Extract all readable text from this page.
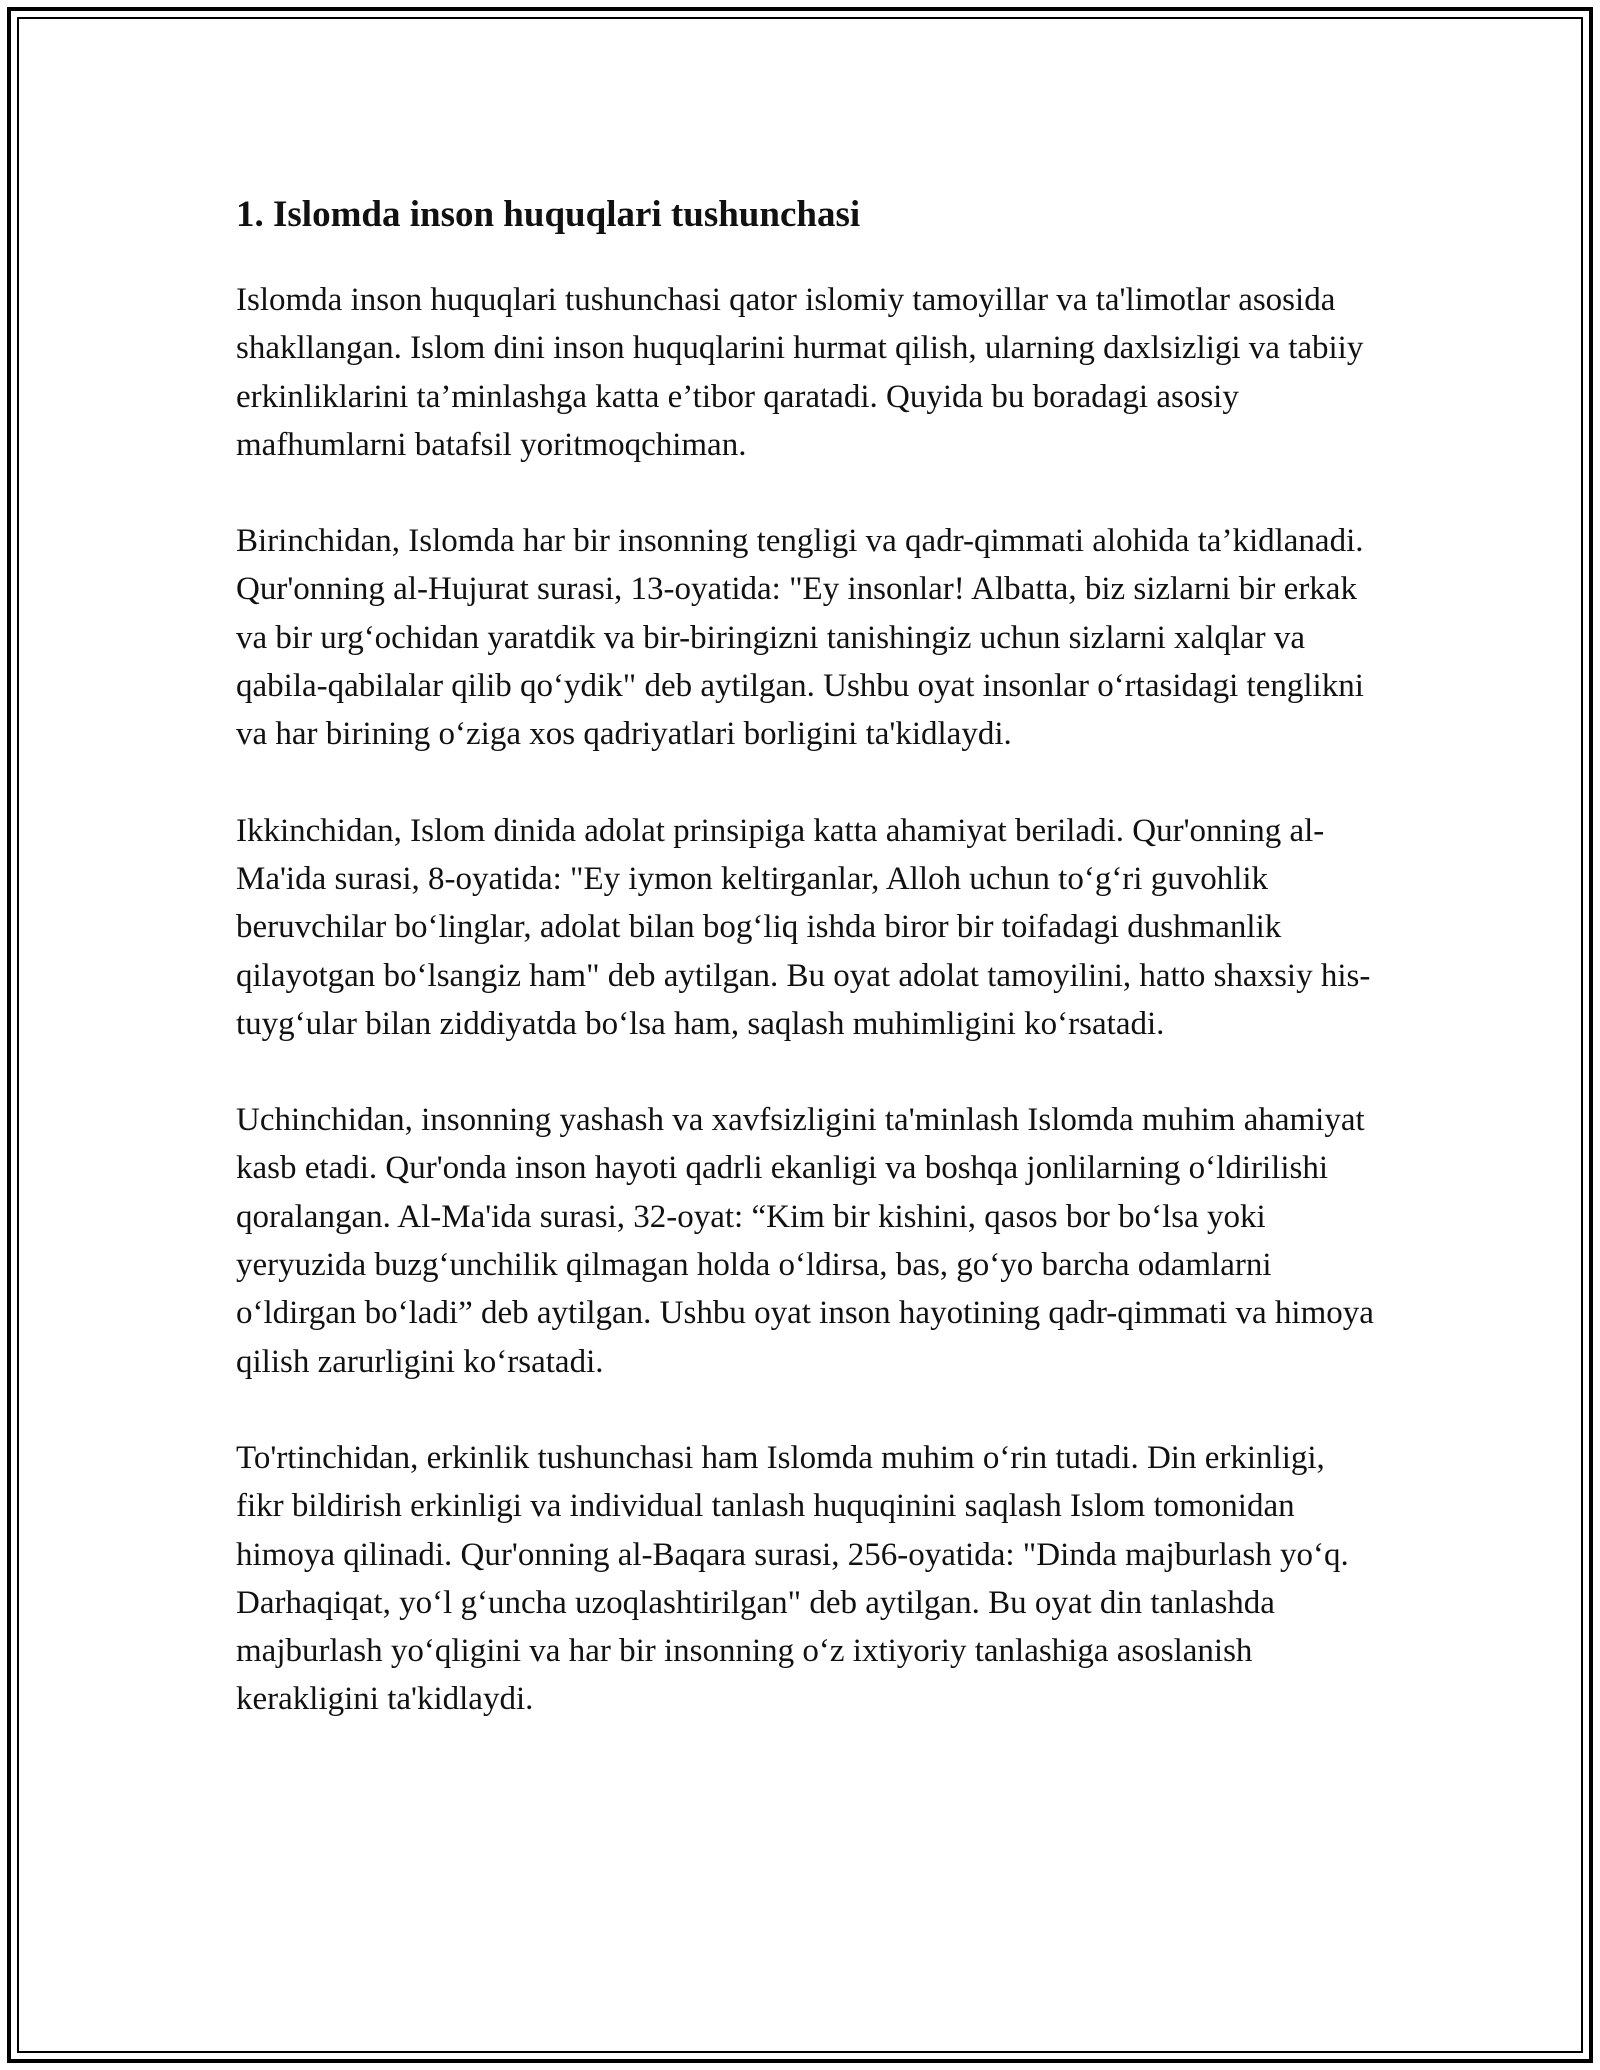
1. Islomda inson huquqlari tushunchasi

Islomda inson huquqlari tushunchasi qator islomiy tamoyillar va ta'limotlar asosida shakllangan. Islom dini inson huquqlarini hurmat qilish, ularning daxlsizligi va tabiiy erkinliklarini ta’minlashga katta e’tibor qaratadi. Quyida bu boradagi asosiy mafhumlarni batafsil yoritmoqchiman.

Birinchidan, Islomda har bir insonning tengligi va qadr-qimmati alohida ta’kidlanadi. Qur'onning al-Hujurat surasi, 13-oyatida: "Ey insonlar! Albatta, biz sizlarni bir erkak va bir urg‘ochidan yaratdik va bir-biringizni tanishingiz uchun sizlarni xalqlar va qabila-qabilalar qilib qo‘ydik" deb aytilgan. Ushbu oyat insonlar o‘rtasidagi tenglikni va har birining o‘ziga xos qadriyatlari borligini ta'kidlaydi.

Ikkinchidan, Islom dinida adolat prinsipiga katta ahamiyat beriladi. Qur'onning al-Ma'ida surasi, 8-oyatida: "Ey iymon keltirganlar, Alloh uchun to‘g‘ri guvohlik beruvchilar bo‘linglar, adolat bilan bog‘liq ishda biror bir toifadagi dushmanlik qilayotgan bo‘lsangiz ham" deb aytilgan. Bu oyat adolat tamoyilini, hatto shaxsiy his-tuyg‘ular bilan ziddiyatda bo‘lsa ham, saqlash muhimligini ko‘rsatadi.

Uchinchidan, insonning yashash va xavfsizligini ta'minlash Islomda muhim ahamiyat kasb etadi. Qur'onda inson hayoti qadrli ekanligi va boshqa jonlilarning o‘ldirilishi qoralangan. Al-Ma'ida surasi, 32-oyat: “Kim bir kishini, qasos bor bo‘lsa yoki yeryuzida buzg‘unchilik qilmagan holda o‘ldirsa, bas, go‘yo barcha odamlarni o‘ldirgan bo‘ladi” deb aytilgan. Ushbu oyat inson hayotining qadr-qimmati va himoya qilish zarurligini ko‘rsatadi.

To'rtinchidan, erkinlik tushunchasi ham Islomda muhim o‘rin tutadi. Din erkinligi, fikr bildirish erkinligi va individual tanlash huquqinini saqlash Islom tomonidan himoya qilinadi. Qur'onning al-Baqara surasi, 256-oyatida: "Dinda majburlash yo‘q. Darhaqiqat, yo‘l g‘uncha uzoqlashtirilgan" deb aytilgan. Bu oyat din tanlashda majburlash yo‘qligini va har bir insonning o‘z ixtiyoriy tanlashiga asoslanish kerakligini ta'kidlaydi.
